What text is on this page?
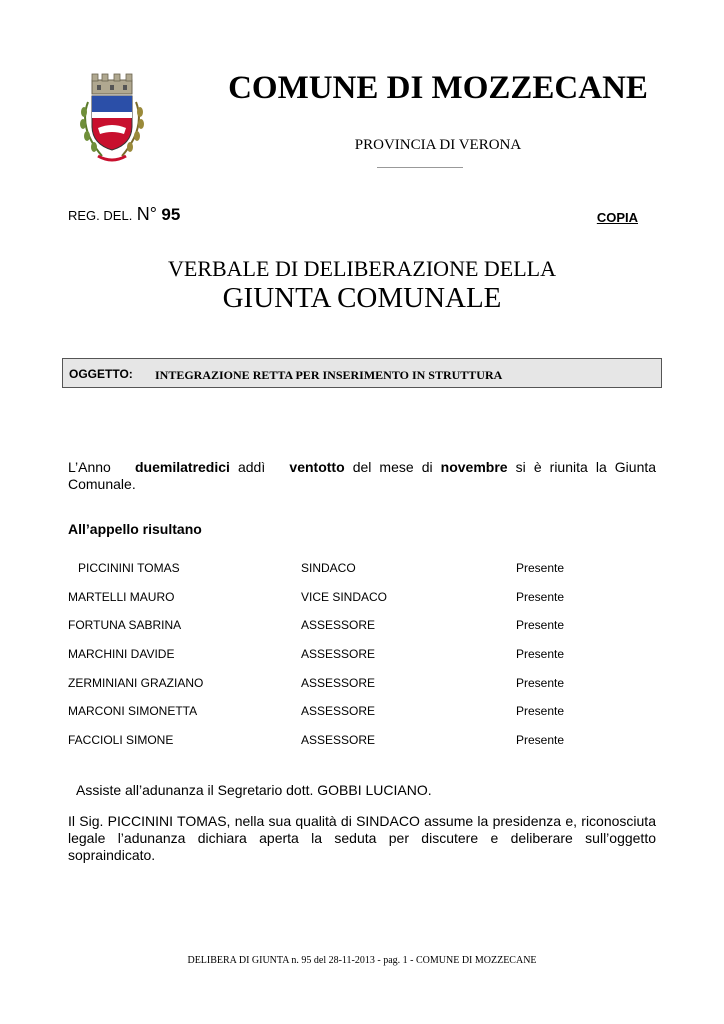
COMUNE DI MOZZECANE
PROVINCIA DI VERONA
REG. DEL. N° 95	COPIA
VERBALE DI DELIBERAZIONE DELLA
GIUNTA COMUNALE
OGGETTO: INTEGRAZIONE RETTA PER INSERIMENTO IN STRUTTURA
L’Anno duemilatredici addì ventotto del mese di novembre si è riunita la Giunta Comunale.
All’appello risultano
PICCININI TOMAS	SINDACO	Presente
MARTELLI MAURO	VICE SINDACO	Presente
FORTUNA SABRINA	ASSESSORE	Presente
MARCHINI DAVIDE	ASSESSORE	Presente
ZERMINIANI GRAZIANO	ASSESSORE	Presente
MARCONI SIMONETTA	ASSESSORE	Presente
FACCIOLI SIMONE	ASSESSORE	Presente
Assiste all’adunanza il Segretario dott. GOBBI LUCIANO.
Il Sig. PICCININI TOMAS, nella sua qualità di SINDACO assume la presidenza e, riconosciuta legale l’adunanza dichiara aperta la seduta per discutere e deliberare sull’oggetto sopraindicato.
DELIBERA DI GIUNTA n. 95 del 28-11-2013 - pag. 1 - COMUNE DI MOZZECANE
